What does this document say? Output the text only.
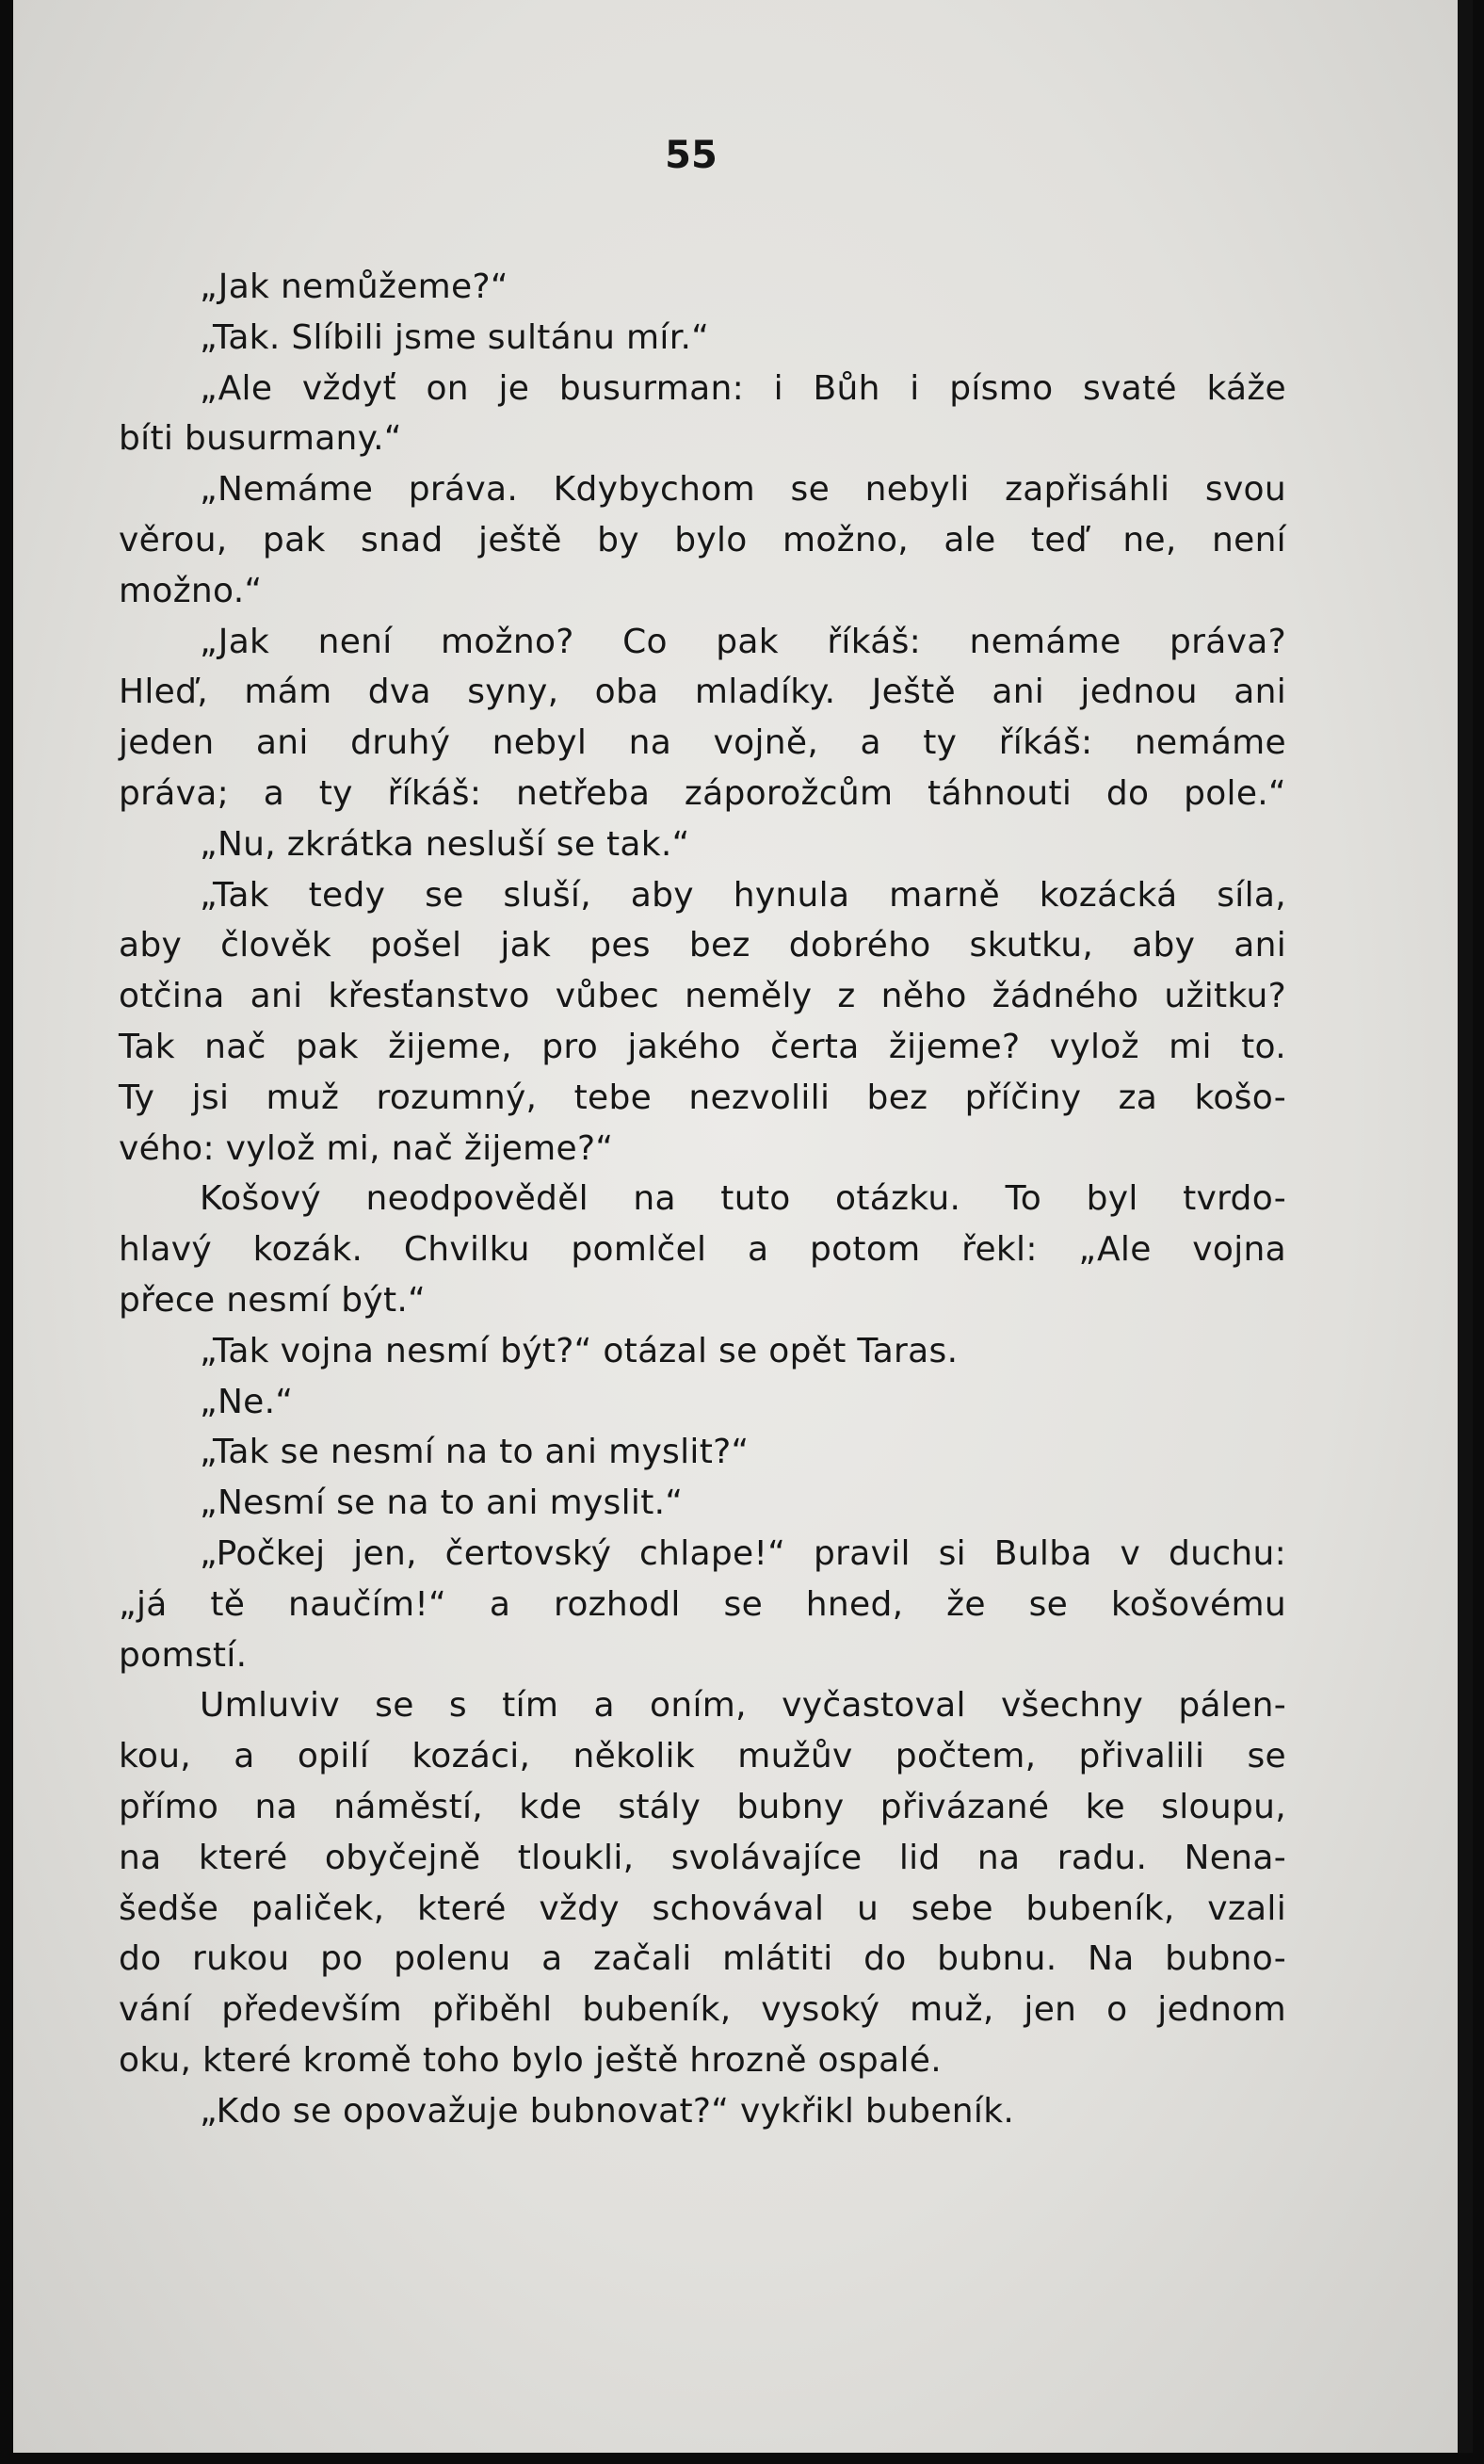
55
„Jak nemůžeme?“
„Tak. Slíbili jsme sultánu mír.“
„Ale vždyť on je busurman: i Bůh i písmo svaté káže
bíti busurmany.“
„Nemáme práva. Kdybychom se nebyli zapřisáhli svou
věrou, pak snad ještě by bylo možno, ale teď ne, není
možno.“
„Jak není možno? Co pak říkáš: nemáme práva?
Hleď, mám dva syny, oba mladíky. Ještě ani jednou ani
jeden ani druhý nebyl na vojně, a ty říkáš: nemáme
práva; a ty říkáš: netřeba záporožcům táhnouti do pole.“
„Nu, zkrátka nesluší se tak.“
„Tak tedy se sluší, aby hynula marně kozácká síla,
aby člověk pošel jak pes bez dobrého skutku, aby ani
otčina ani křesťanstvo vůbec neměly z něho žádného užitku?
Tak nač pak žijeme, pro jakého čerta žijeme? vylož mi to.
Ty jsi muž rozumný, tebe nezvolili bez příčiny za košo-
vého: vylož mi, nač žijeme?“
Košový neodpověděl na tuto otázku. To byl tvrdo-
hlavý kozák. Chvilku pomlčel a potom řekl: „Ale vojna
přece nesmí být.“
„Tak vojna nesmí být?“ otázal se opět Taras.
„Ne.“
„Tak se nesmí na to ani myslit?“
„Nesmí se na to ani myslit.“
„Počkej jen, čertovský chlape!“ pravil si Bulba v duchu:
„já tě naučím!“ a rozhodl se hned, že se košovému
pomstí.
Umluviv se s tím a oním, vyčastoval všechny pálen-
kou, a opilí kozáci, několik mužův počtem, přivalili se
přímo na náměstí, kde stály bubny přivázané ke sloupu,
na které obyčejně tloukli, svolávajíce lid na radu. Nena-
šedše paliček, které vždy schovával u sebe bubeník, vzali
do rukou po polenu a začali mlátiti do bubnu. Na bubno-
vání především přiběhl bubeník, vysoký muž, jen o jednom
oku, které kromě toho bylo ještě hrozně ospalé.
„Kdo se opovažuje bubnovat?“ vykřikl bubeník.
